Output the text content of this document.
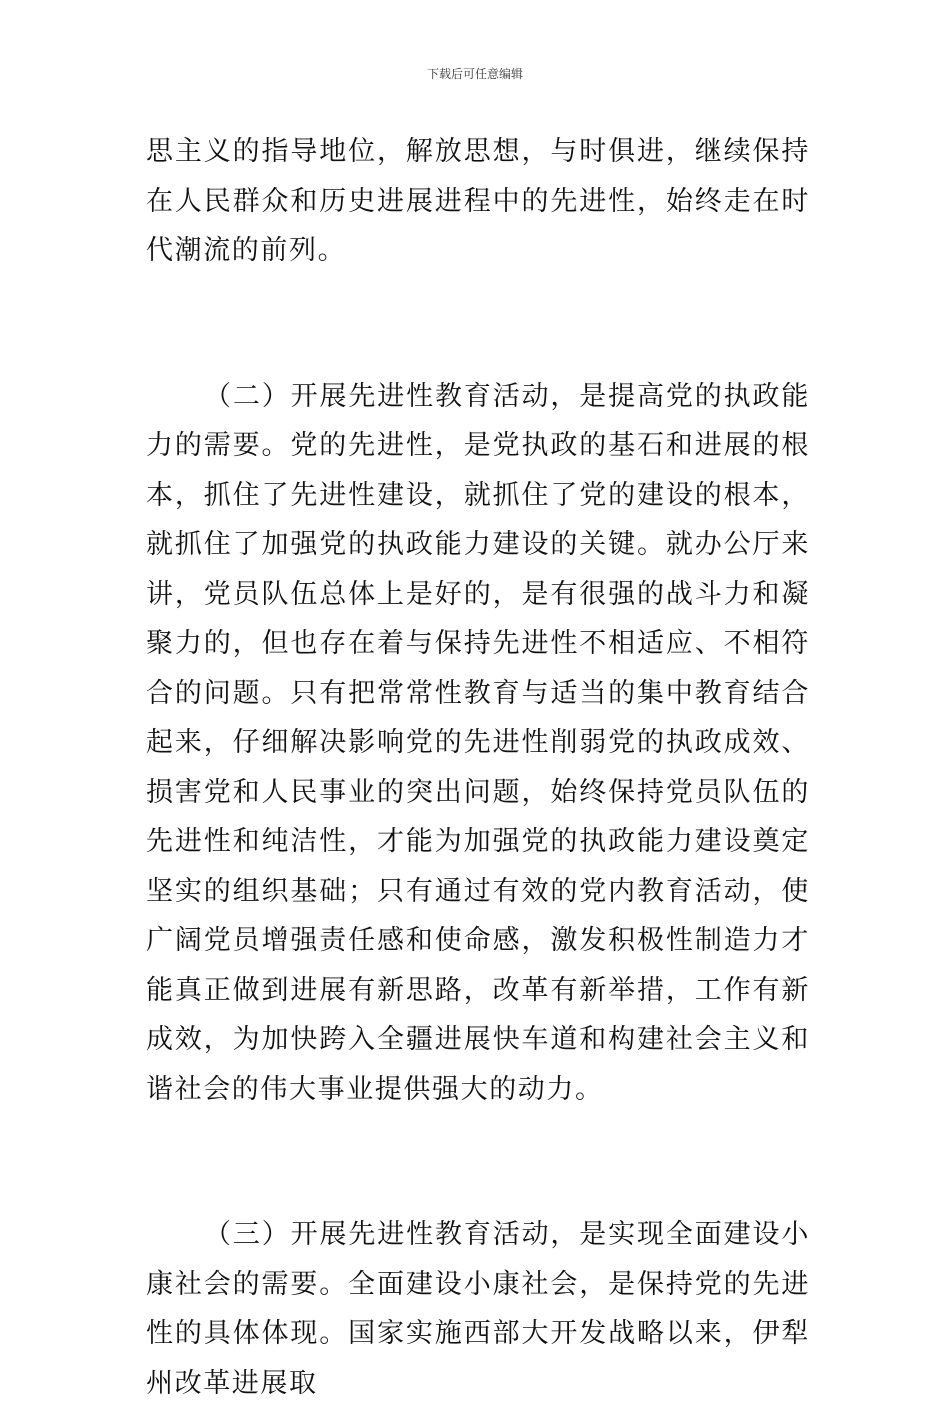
下载后可任意编辑

思主义的指导地位，解放思想，与时俱进，继续保持在人民群众和历史进展进程中的先进性，始终走在时代潮流的前列。

（二）开展先进性教育活动，是提高党的执政能力的需要。党的先进性，是党执政的基石和进展的根本，抓住了先进性建设，就抓住了党的建设的根本，就抓住了加强党的执政能力建设的关键。就办公厅来讲，党员队伍总体上是好的，是有很强的战斗力和凝聚力的，但也存在着与保持先进性不相适应、不相符合的问题。只有把常常性教育与适当的集中教育结合起来，仔细解决影响党的先进性削弱党的执政成效、损害党和人民事业的突出问题，始终保持党员队伍的先进性和纯洁性，才能为加强党的执政能力建设奠定坚实的组织基础；只有通过有效的党内教育活动，使广阔党员增强责任感和使命感，激发积极性制造力才能真正做到进展有新思路，改革有新举措，工作有新成效，为加快跨入全疆进展快车道和构建社会主义和谐社会的伟大事业提供强大的动力。

（三）开展先进性教育活动，是实现全面建设小康社会的需要。全面建设小康社会，是保持党的先进性的具体体现。国家实施西部大开发战略以来，伊犁州改革进展取
